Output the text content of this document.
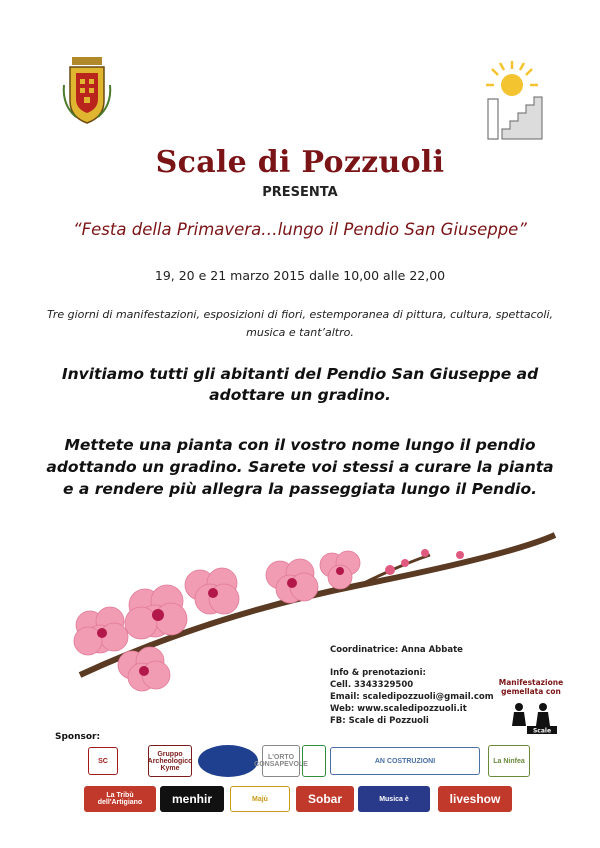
Scale di Pozzuoli
PRESENTA
“Festa della Primavera…lungo il Pendio San Giuseppe”
19, 20 e 21 marzo 2015 dalle 10,00 alle 22,00
Tre giorni di manifestazioni, esposizioni di fiori, estemporanea di pittura, cultura, spettacoli, musica e tant’altro.
Invitiamo tutti gli abitanti del Pendio San Giuseppe ad adottare un gradino.
Mettete una pianta con il vostro nome lungo il pendio adottando un gradino. Sarete voi stessi a curare la pianta e a rendere più allegra la passeggiata lungo il Pendio.
Coordinatrice: Anna Abbate
Info & prenotazioni:
Cell. 3343329500
Email: scaledipozzuoli@gmail.com
Web: www.scaledipozzuoli.it
FB: Scale di Pozzuoli
Manifestazione gemellata con
Scale
Sponsor:
SC
Gruppo Archeologico Kyme
L'ORTO CONSAPEVOLE	AN COSTRUZIONI	La Ninfea
La Tribù dell'Artigiano	menhir	Majù	Sobar	Musica è	liveshow
